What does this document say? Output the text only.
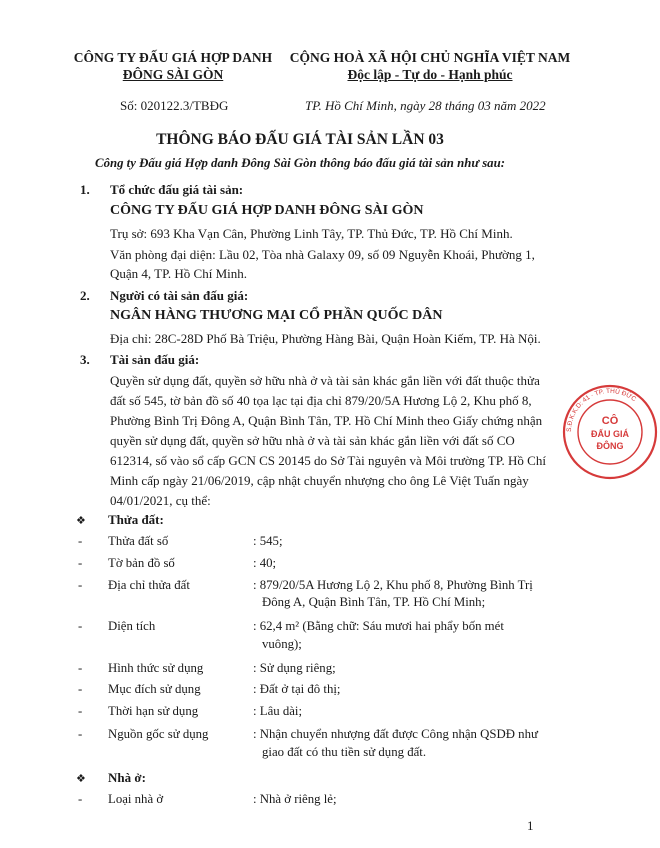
CÔNG TY ĐẤU GIÁ HỢP DANH
ĐÔNG SÀI GÒN
CỘNG HOÀ XÃ HỘI CHỦ NGHĨA VIỆT NAM
Độc lập - Tự do - Hạnh phúc
Số: 020122.3/TBĐG	TP. Hồ Chí Minh, ngày 28 tháng 03 năm 2022
THÔNG BÁO ĐẤU GIÁ TÀI SẢN LẦN 03
Công ty Đấu giá Hợp danh Đông Sài Gòn thông báo đấu giá tài sản như sau:
1. Tổ chức đấu giá tài sản:
CÔNG TY ĐẤU GIÁ HỢP DANH ĐÔNG SÀI GÒN
Trụ sở: 693 Kha Vạn Cân, Phường Linh Tây, TP. Thủ Đức, TP. Hồ Chí Minh.
Văn phòng đại diện: Lầu 02, Tòa nhà Galaxy 09, số 09 Nguyễn Khoái, Phường 1,
Quận 4, TP. Hồ Chí Minh.
2. Người có tài sản đấu giá:
NGÂN HÀNG THƯƠNG MẠI CỔ PHẦN QUỐC DÂN
Địa chỉ: 28C-28D Phố Bà Triệu, Phường Hàng Bài, Quận Hoàn Kiếm, TP. Hà Nội.
3. Tài sản đấu giá:
Quyền sử dụng đất, quyền sở hữu nhà ở và tài sản khác gắn liền với đất thuộc thửa
đất số 545, tờ bản đồ số 40 tọa lạc tại địa chỉ 879/20/5A Hương Lộ 2, Khu phố 8,
Phường Bình Trị Đông A, Quận Bình Tân, TP. Hồ Chí Minh theo Giấy chứng nhận
quyền sử dụng đất, quyền sở hữu nhà ở và tài sản khác gắn liền với đất số CO
612314, số vào sổ cấp GCN CS 20145 do Sở Tài nguyên và Môi trường TP. Hồ Chí
Minh cấp ngày 21/06/2019, cập nhật chuyển nhượng cho ông Lê Việt Tuấn ngày
04/01/2021, cụ thể:
❖ Thửa đất:
- Thửa đất số	: 545;
- Tờ bản đồ số	: 40;
- Địa chỉ thửa đất	: 879/20/5A Hương Lộ 2, Khu phố 8, Phường Bình Trị
Đông A, Quận Bình Tân, TP. Hồ Chí Minh;
- Diện tích	: 62,4 m² (Bằng chữ: Sáu mươi hai phẩy bốn mét
vuông);
- Hình thức sử dụng	: Sử dụng riêng;
- Mục đích sử dụng	: Đất ở tại đô thị;
- Thời hạn sử dụng	: Lâu dài;
- Nguồn gốc sử dụng	: Nhận chuyển nhượng đất được Công nhận QSDĐ như
giao đất có thu tiền sử dụng đất.
❖ Nhà ở:
- Loại nhà ở	: Nhà ở riêng lẻ;
1
CÔ
ĐẤU GIÁ
ĐÔNG
S.Đ.K.K.D: 41 · TP. THỦ ĐỨC
